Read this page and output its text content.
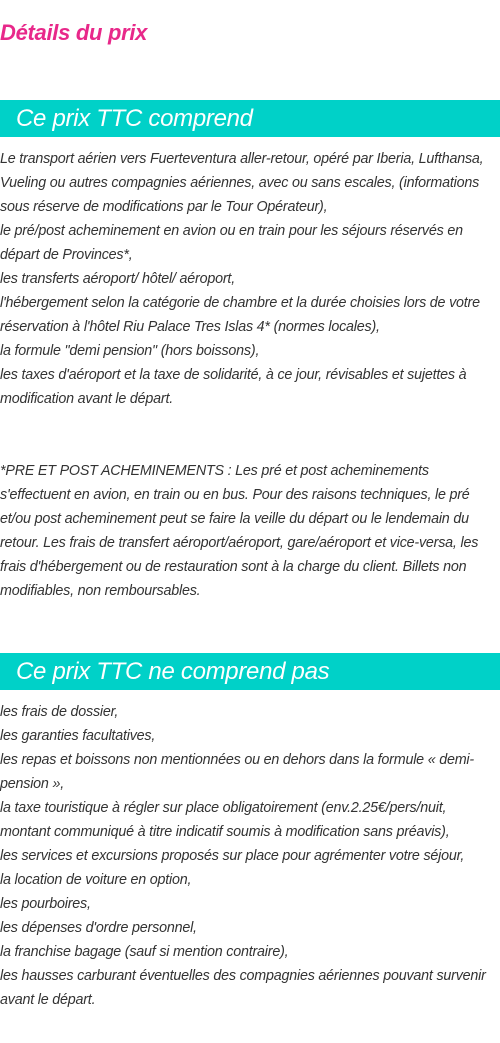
Détails du prix
Ce prix TTC comprend
Le transport aérien vers Fuerteventura aller-retour, opéré par Iberia, Lufthansa, Vueling ou autres compagnies aériennes, avec ou sans escales, (informations sous réserve de modifications par le Tour Opérateur),
le pré/post acheminement en avion ou en train pour les séjours réservés en départ de Provinces*,
les transferts aéroport/ hôtel/ aéroport,
l'hébergement selon la catégorie de chambre et la durée choisies lors de votre réservation à l'hôtel Riu Palace Tres Islas 4* (normes locales),
la formule "demi pension" (hors boissons),
les taxes d'aéroport et la taxe de solidarité, à ce jour, révisables et sujettes à modification avant le départ.
*PRE ET POST ACHEMINEMENTS : Les pré et post acheminements s'effectuent en avion, en train ou en bus. Pour des raisons techniques, le pré et/ou post acheminement peut se faire la veille du départ ou le lendemain du retour. Les frais de transfert aéroport/aéroport, gare/aéroport et vice-versa, les frais d'hébergement ou de restauration sont à la charge du client. Billets non modifiables, non remboursables.
Ce prix TTC ne comprend pas
les frais de dossier,
les garanties facultatives,
les repas et boissons non mentionnées ou en dehors dans la formule « demi-pension »,
la taxe touristique à régler sur place obligatoirement (env.2.25€/pers/nuit, montant communiqué à titre indicatif soumis à modification sans préavis),
les services et excursions proposés sur place pour agrémenter votre séjour,
la location de voiture en option,
les pourboires,
les dépenses d'ordre personnel,
la franchise bagage (sauf si mention contraire),
les hausses carburant éventuelles des compagnies aériennes pouvant survenir avant le départ.
